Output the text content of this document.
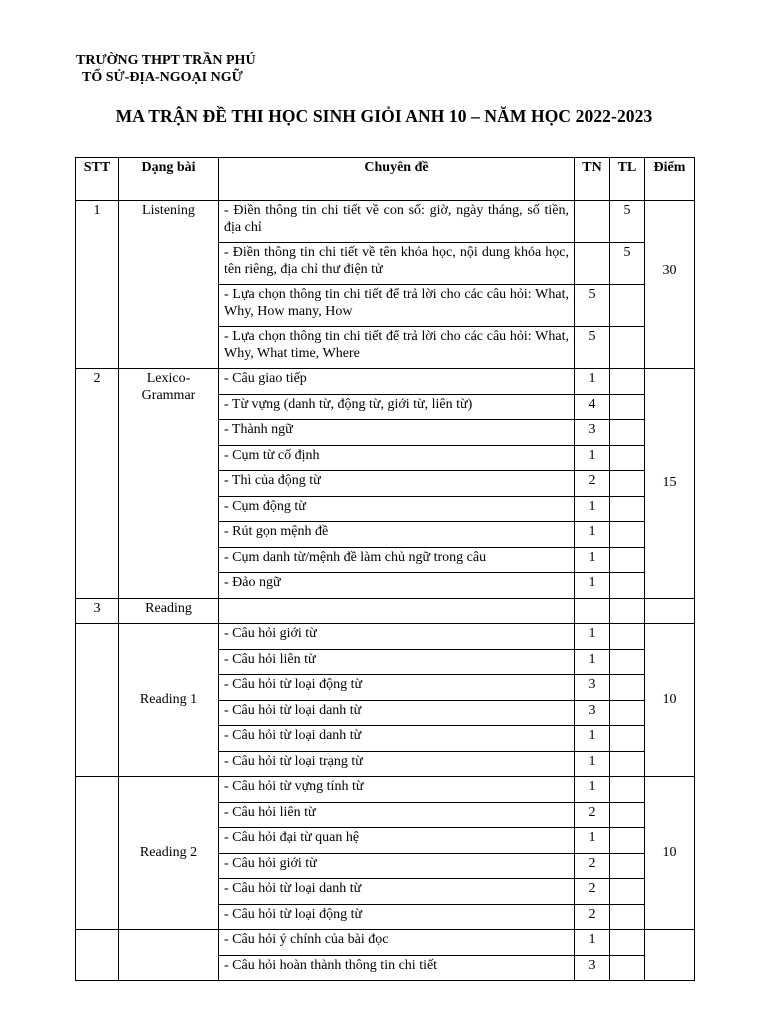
TRƯỜNG THPT TRẦN PHÚ
TỔ SỬ-ĐỊA-NGOẠI NGỮ
MA TRẬN ĐỀ THI HỌC SINH GIỎI ANH 10 – NĂM HỌC 2022-2023
STT	Dạng bài	Chuyên đề	TN	TL	Điểm
1	Listening	- Điền thông tin chi tiết về con số: giờ, ngày tháng, số tiền, địa chỉ		5	30
		- Điền thông tin chi tiết về tên khóa học, nội dung khóa học, tên riêng, địa chỉ thư điện tử		5	
		- Lựa chọn thông tin chi tiết để trả lời cho các câu hỏi: What, Why, How many, How	5		
		- Lựa chọn thông tin chi tiết để trả lời cho các câu hỏi: What, Why, What time, Where	5		
2	Lexico-Grammar	- Câu giao tiếp	1		15
		- Từ vựng (danh từ, động từ, giới từ, liên từ)	4		
		- Thành ngữ	3		
		- Cụm từ cố định	1		
		- Thì của động từ	2		
		- Cụm động từ	1		
		- Rút gọn mệnh đề	1		
		- Cụm danh từ/mệnh đề làm chủ ngữ trong câu	1		
		- Đảo ngữ	1		
3	Reading				
	Reading 1	- Câu hỏi giới từ	1		10
		- Câu hỏi liên từ	1		
		- Câu hỏi từ loại động từ	3		
		- Câu hỏi từ loại danh từ	3		
		- Câu hỏi từ loại danh từ	1		
		- Câu hỏi từ loại trạng từ	1		
	Reading 2	- Câu hỏi từ vựng tính từ	1		10
		- Câu hỏi liên từ	2		
		- Câu hỏi đại từ quan hệ	1		
		- Câu hỏi giới từ	2		
		- Câu hỏi từ loại danh từ	2		
		- Câu hỏi từ loại động từ	2		
		- Câu hỏi ý chính của bài đọc	1		
		- Câu hỏi hoàn thành thông tin chi tiết	3		
